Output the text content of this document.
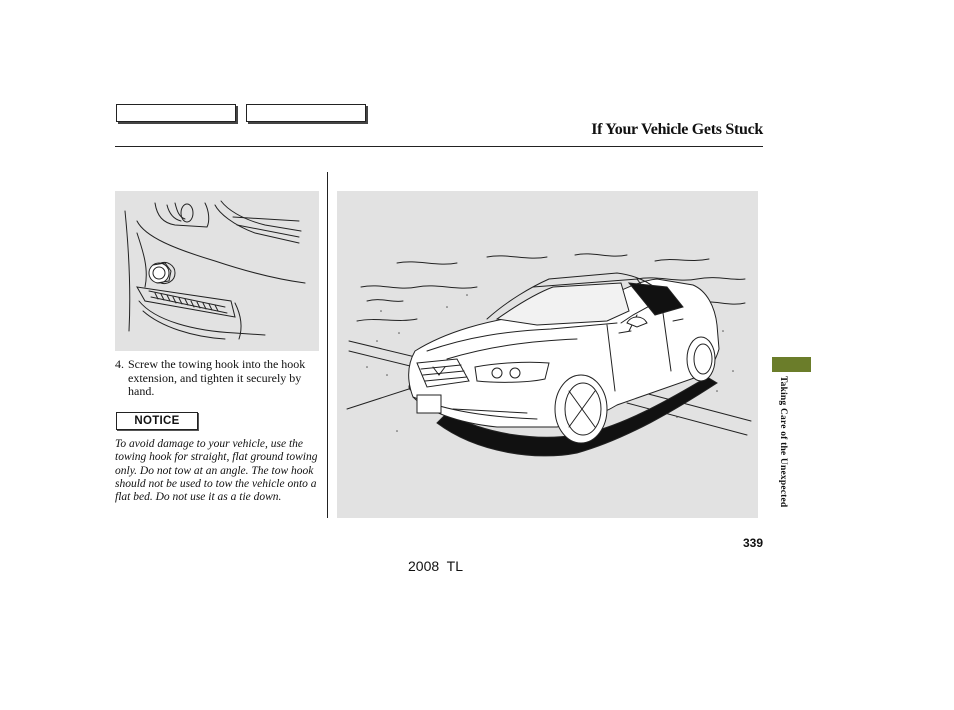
If Your Vehicle Gets Stuck
4. Screw the towing hook into the hook extension, and tighten it securely by hand.
NOTICE
To avoid damage to your vehicle, use the towing hook for straight, flat ground towing only. Do not tow at an angle. The tow hook should not be used to tow the vehicle onto a flat bed. Do not use it as a tie down.	Taking Care of the Unexpected
339
2008  TL
